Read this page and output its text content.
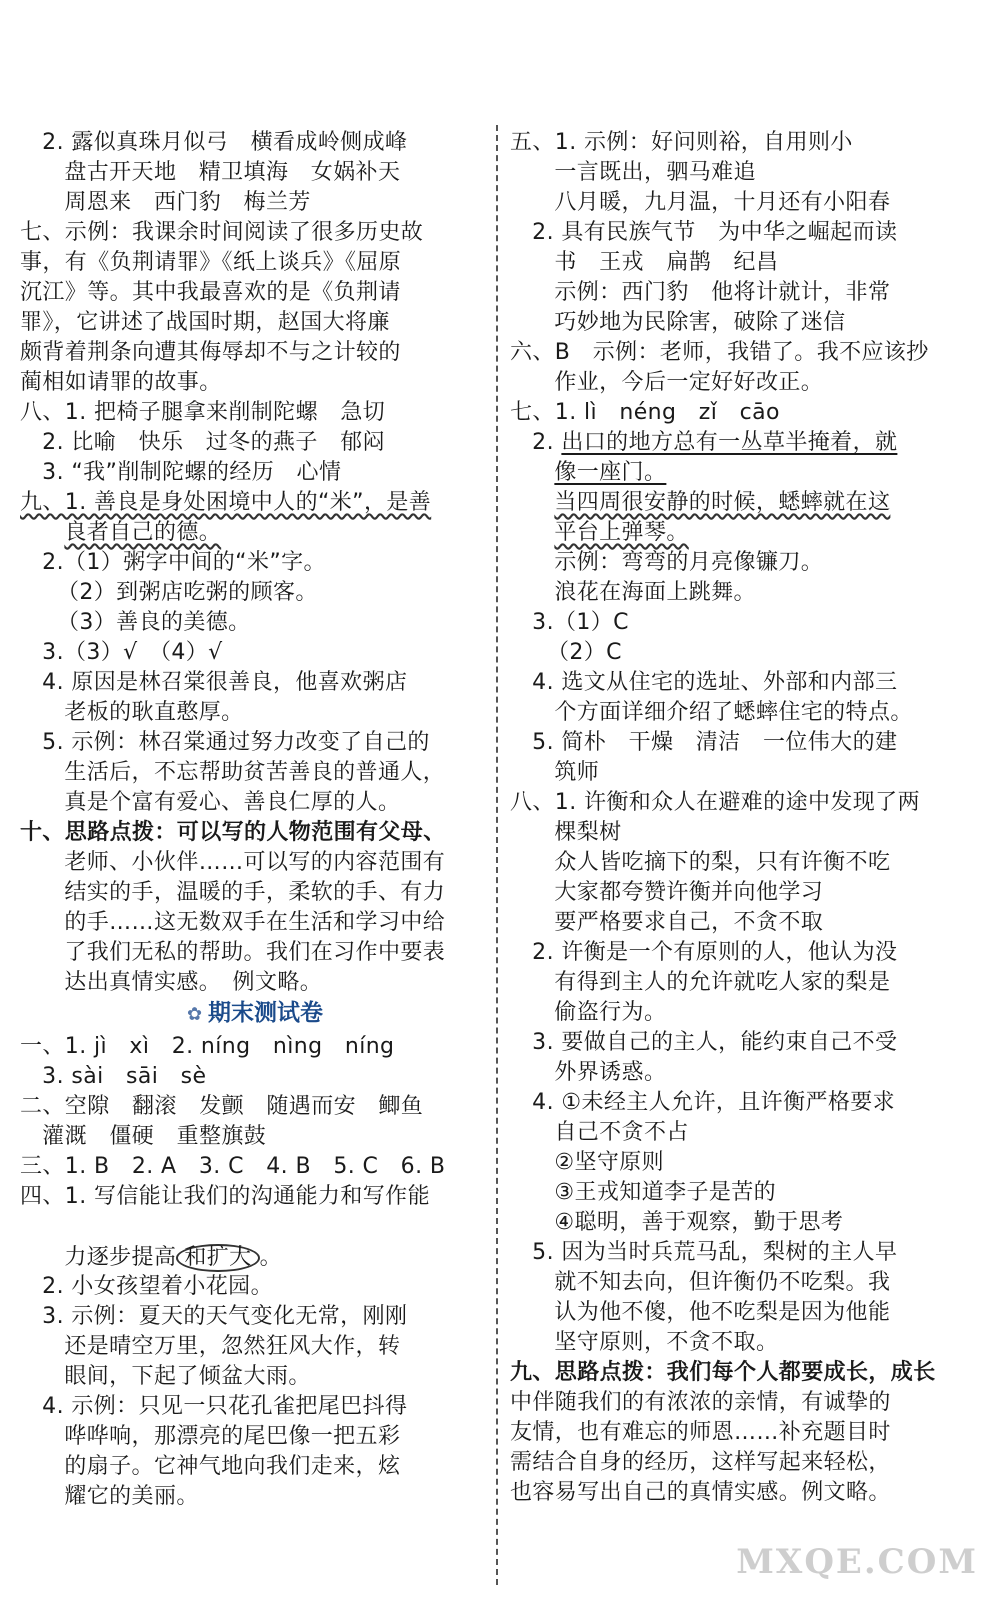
2. 露似真珠月似弓　横看成岭侧成峰
盘古开天地　精卫填海　女娲补天
周恩来　西门豹　梅兰芳
七、示例：我课余时间阅读了很多历史故
事，有《负荆请罪》《纸上谈兵》《屈原
沉江》等。其中我最喜欢的是《负荆请
罪》，它讲述了战国时期，赵国大将廉
颇背着荆条向遭其侮辱却不与之计较的
蔺相如请罪的故事。
八、1. 把椅子腿拿来削制陀螺　急切
2. 比喻　快乐　过冬的燕子　郁闷
3. “我”削制陀螺的经历　心情
九、1. 善良是身处困境中人的“米”，是善
良者自己的德。
2.（1）粥字中间的“米”字。
（2）到粥店吃粥的顾客。
（3）善良的美德。
3.（3）√　（4）√
4. 原因是林召棠很善良，他喜欢粥店
老板的耿直憨厚。
5. 示例：林召棠通过努力改变了自己的
生活后，不忘帮助贫苦善良的普通人，
真是个富有爱心、善良仁厚的人。
十、思路点拨：可以写的人物范围有父母、
老师、小伙伴……可以写的内容范围有
结实的手，温暖的手，柔软的手、有力
的手……这无数双手在生活和学习中给
了我们无私的帮助。我们在习作中要表
达出真情实感。　例文略。
✿ 期末测试卷
一、1. jì　xì　2. níng　nìng　níng
3. sài　sāi　sè
二、空隙　翻滚　发颤　随遇而安　鲫鱼
灌溉　僵硬　重整旗鼓
三、1. B　2. A　3. C　4. B　5. C　6. B
四、1. 写信能让我们的沟通能力和写作能
力逐步提高 和扩大 。
2. 小女孩望着小花园。
3. 示例：夏天的天气变化无常，刚刚
还是晴空万里，忽然狂风大作，转
眼间，下起了倾盆大雨。
4. 示例：只见一只花孔雀把尾巴抖得
哗哗响，那漂亮的尾巴像一把五彩
的扇子。它神气地向我们走来，炫
耀它的美丽。
五、1. 示例：好问则裕，自用则小
一言既出，驷马难追
八月暖，九月温，十月还有小阳春
2. 具有民族气节　为中华之崛起而读
书　王戎　扁鹊　纪昌
示例：西门豹　他将计就计，非常
巧妙地为民除害，破除了迷信
六、B　示例：老师，我错了。我不应该抄
作业，今后一定好好改正。
七、1. lì　néng　zǐ　cāo
2. 出口的地方总有一丛草半掩着，就
像一座门。
当四周很安静的时候，蟋蟀就在这
平台上弹琴。
示例：弯弯的月亮像镰刀。
浪花在海面上跳舞。
3.（1）C
（2）C
4. 选文从住宅的选址、外部和内部三
个方面详细介绍了蟋蟀住宅的特点。
5. 简朴　干燥　清洁　一位伟大的建
筑师
八、1. 许衡和众人在避难的途中发现了两
棵梨树
众人皆吃摘下的梨，只有许衡不吃
大家都夸赞许衡并向他学习
要严格要求自己，不贪不取
2. 许衡是一个有原则的人，他认为没
有得到主人的允许就吃人家的梨是
偷盗行为。
3. 要做自己的主人，能约束自己不受
外界诱惑。
4. ①未经主人允许，且许衡严格要求
自己不贪不占
②坚守原则
③王戎知道李子是苦的
④聪明，善于观察，勤于思考
5. 因为当时兵荒马乱，梨树的主人早
就不知去向，但许衡仍不吃梨。我
认为他不傻，他不吃梨是因为他能
坚守原则，不贪不取。
九、思路点拨：我们每个人都要成长，成长
中伴随我们的有浓浓的亲情，有诚挚的
友情，也有难忘的师恩……补充题目时
需结合自身的经历，这样写起来轻松，
也容易写出自己的真情实感。例文略。
MXQE.COM
